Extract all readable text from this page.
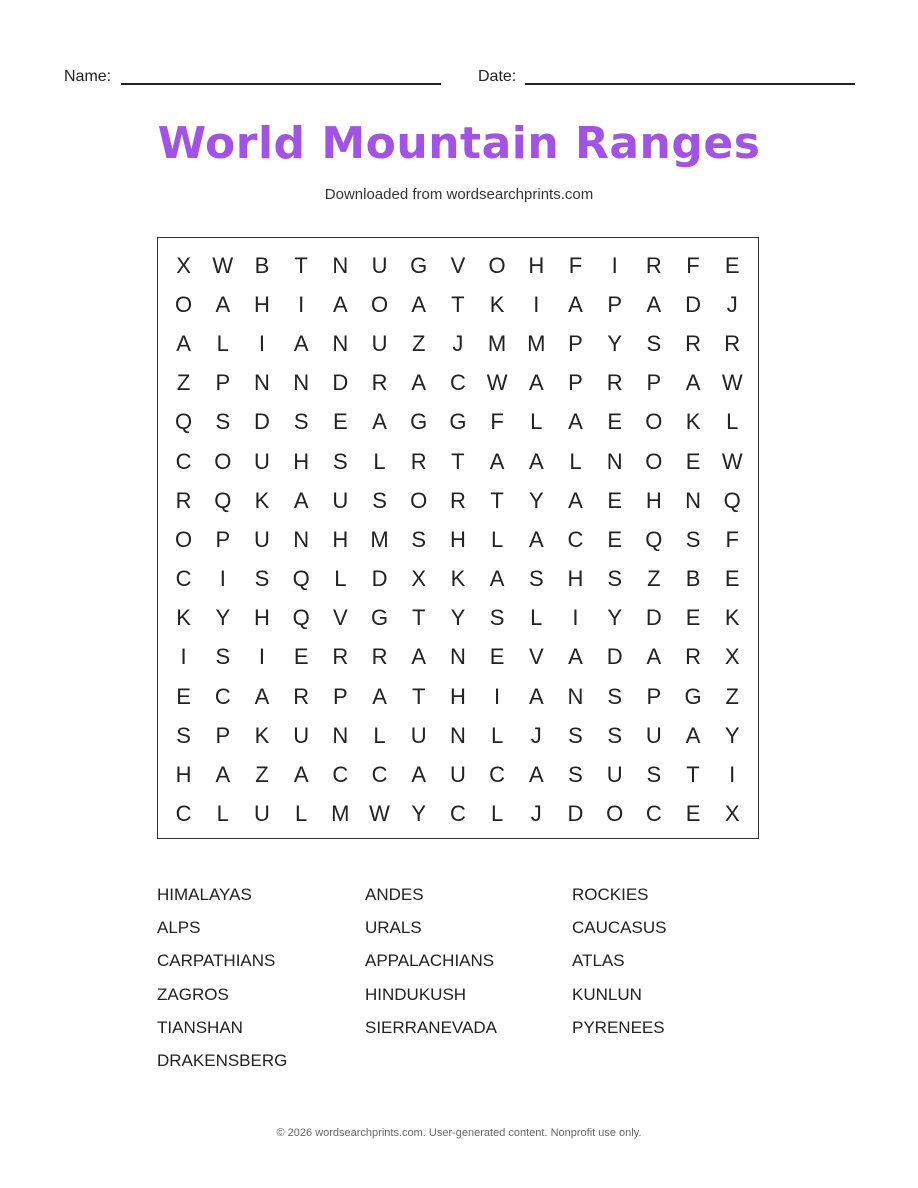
Name:	Date:
World Mountain Ranges
Downloaded from wordsearchprints.com
X W B	T	N	U	G	V	O	H	F	I	R	F	E
O	A	H	I	A	O	A	T	K	I	A	P	A	D	J
A	L	I	A	N	U	Z	J	M M	P	Y	S	R	R
Z	P	N	N	D	R	A	C W A	P	R	P	A W
Q	S	D	S	E	A	G	G	F	L	A	E	O	K	L
C	O	U	H	S	L	R	T	A	A	L	N	O	E W
R	Q	K	A	U	S	O	R	T	Y	A	E	H	N	Q
O	P	U	N	H	M	S	H	L	A	C	E	Q	S	F
C	I	S	Q	L	D	X	K	A	S	H	S	Z	B	E
K	Y	H	Q	V	G	T	Y	S	L	I	Y	D	E	K
I	S	I	E	R	R	A	N	E	V	A	D	A	R	X
E	C	A	R	P	A	T	H	I	A	N	S	P	G	Z
S	P	K	U	N	L	U	N	L	J	S	S	U	A	Y
H	A	Z	A	C	C	A	U	C	A	S	U	S	T	I
C	L	U	L	M W Y	C	L	J	D	O	C	E	X
HIMALAYAS	ANDES	ROCKIES
ALPS	URALS	CAUCASUS
CARPATHIANS	APPALACHIANS	ATLAS
ZAGROS	HINDUKUSH	KUNLUN
TIANSHAN	SIERRANEVADA	PYRENEES
DRAKENSBERG
© 2026 wordsearchprints.com. User-generated content. Nonprofit use only.
